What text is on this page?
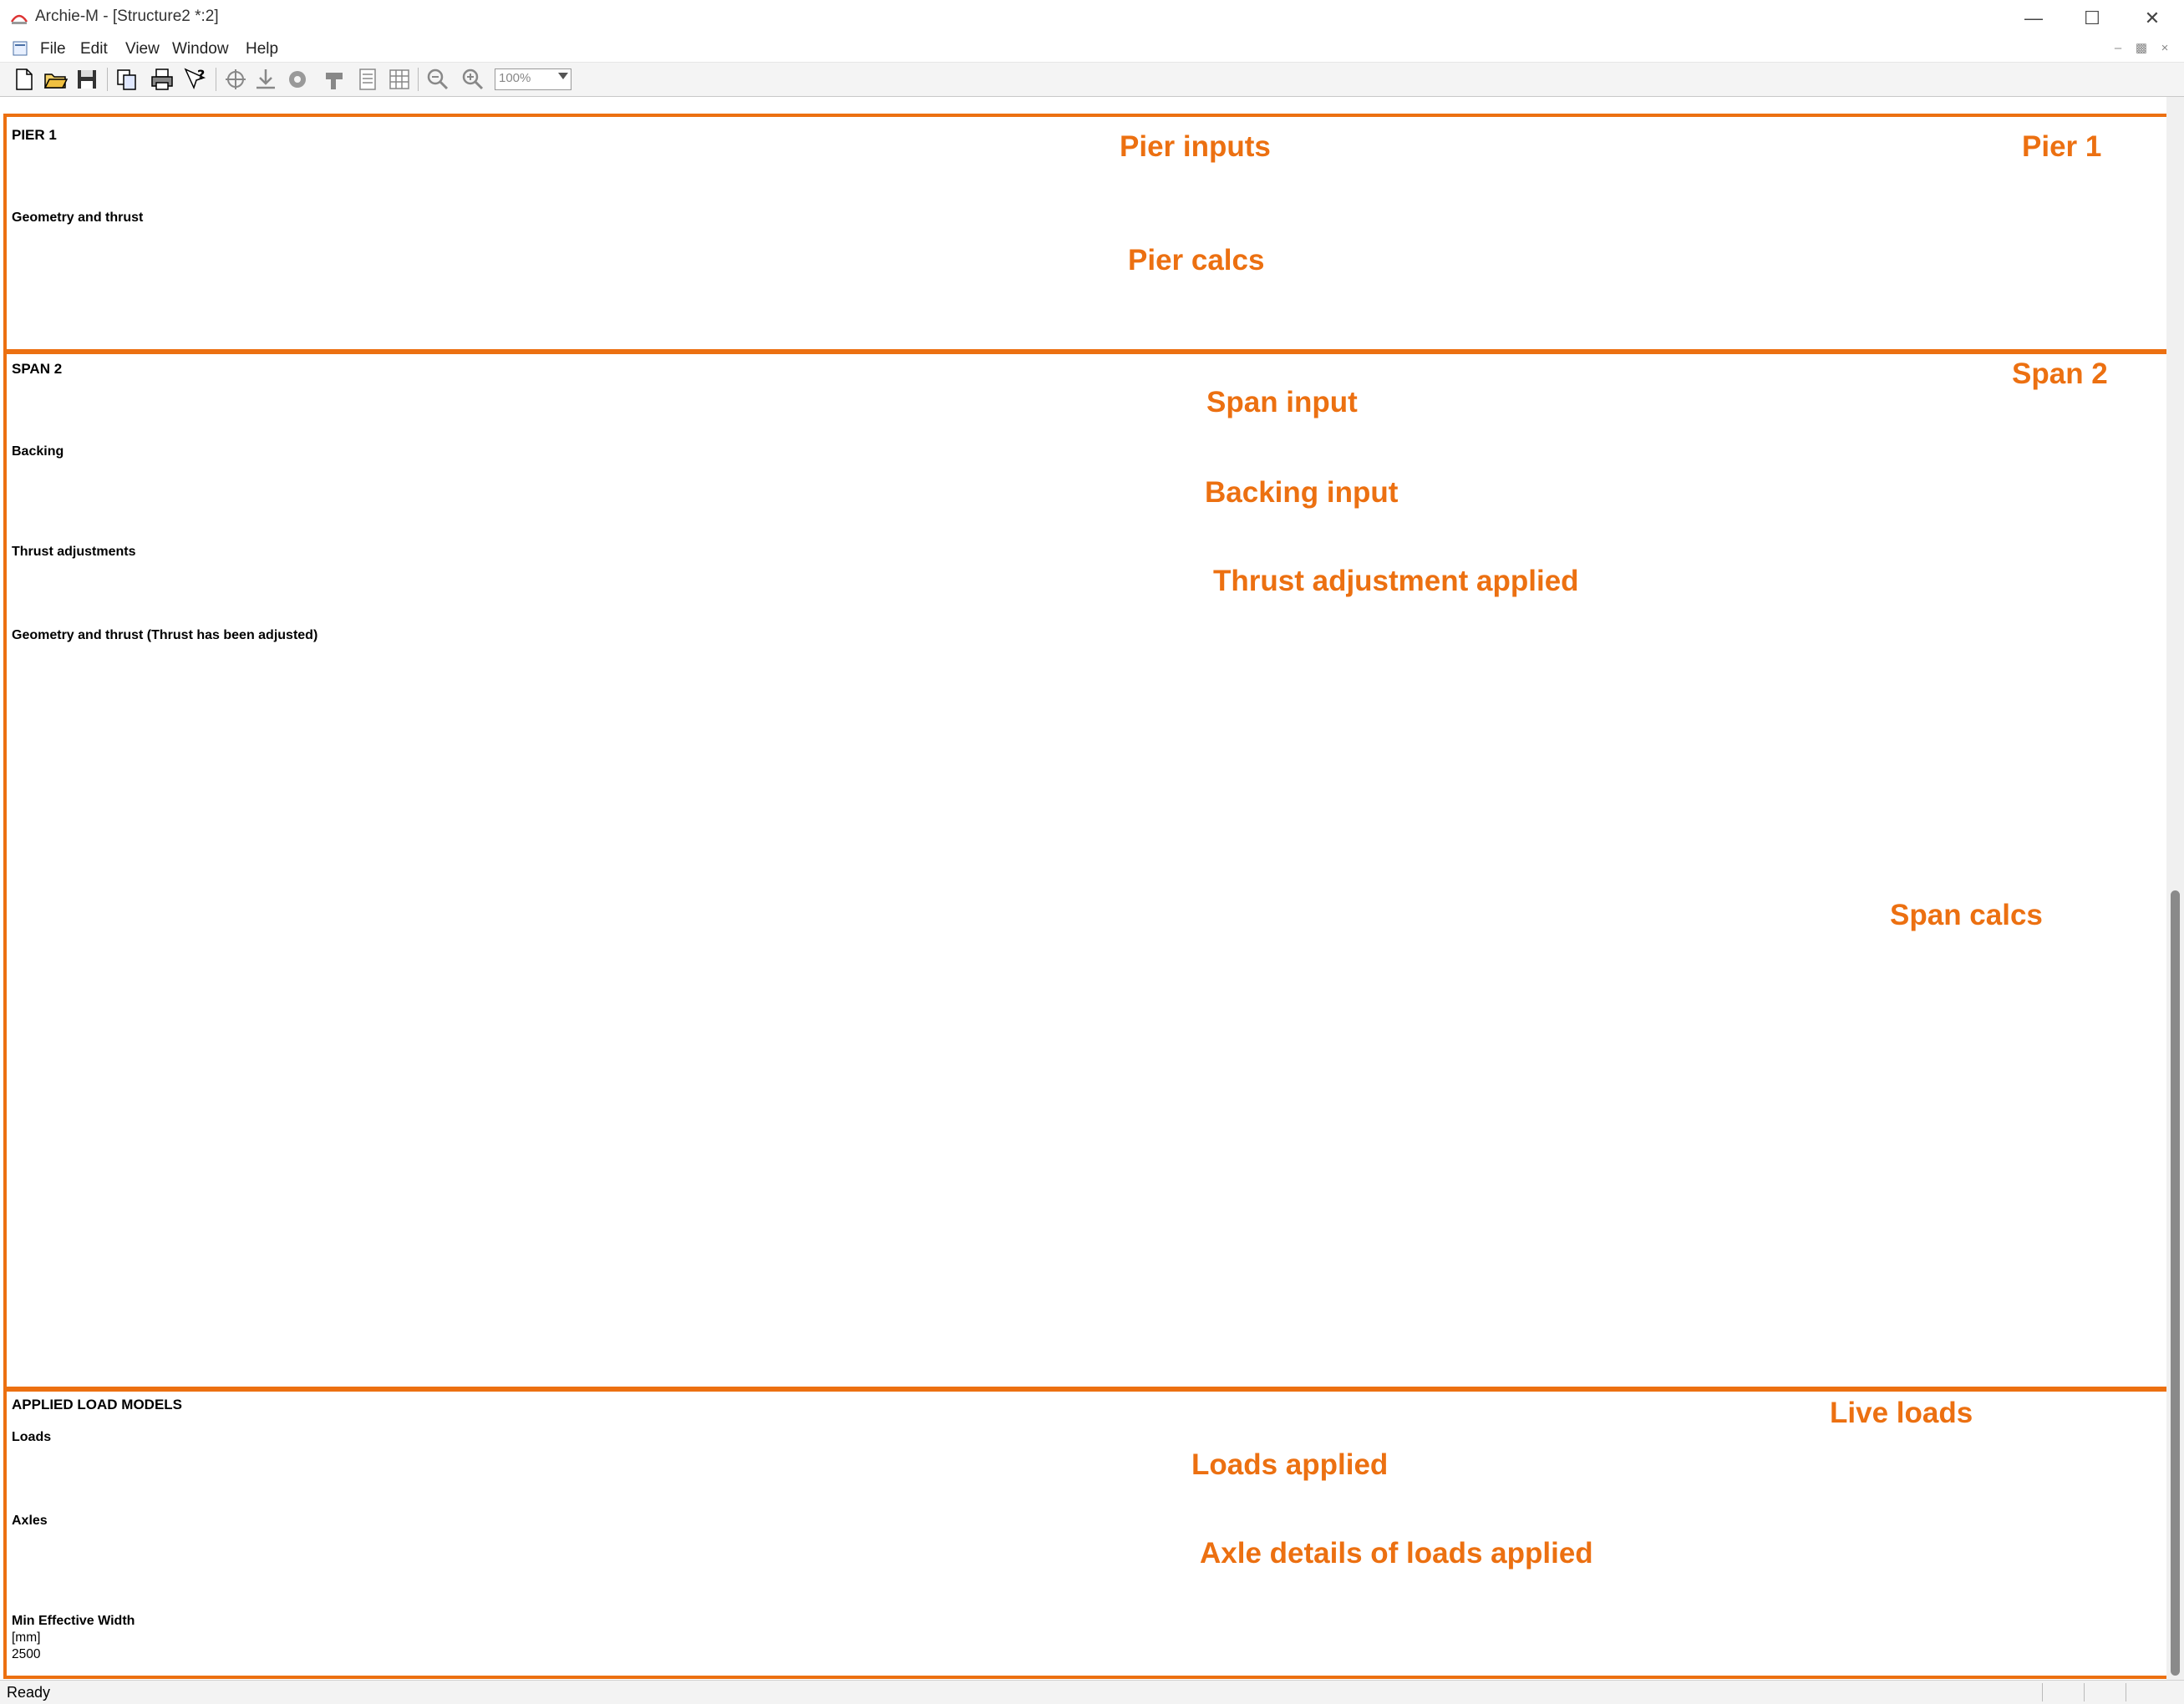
Archie-M - [Structure2 *:2]	—	☐	✕
File Edit View Window Help	–	▩	×
?	100%
PIER 1
Geometry and thrust
SPAN 2
Backing
Thrust adjustments
Geometry and thrust (Thrust has been adjusted)
APPLIED LOAD MODELS
Loads
Axles
Min Effective Width
[mm]
2500
Pier inputs	Pier 1
Pier calcs
Span 2
Span input
Backing input
Thrust adjustment applied
Span calcs
Live loads
Loads applied
Axle details of loads applied
Ready
